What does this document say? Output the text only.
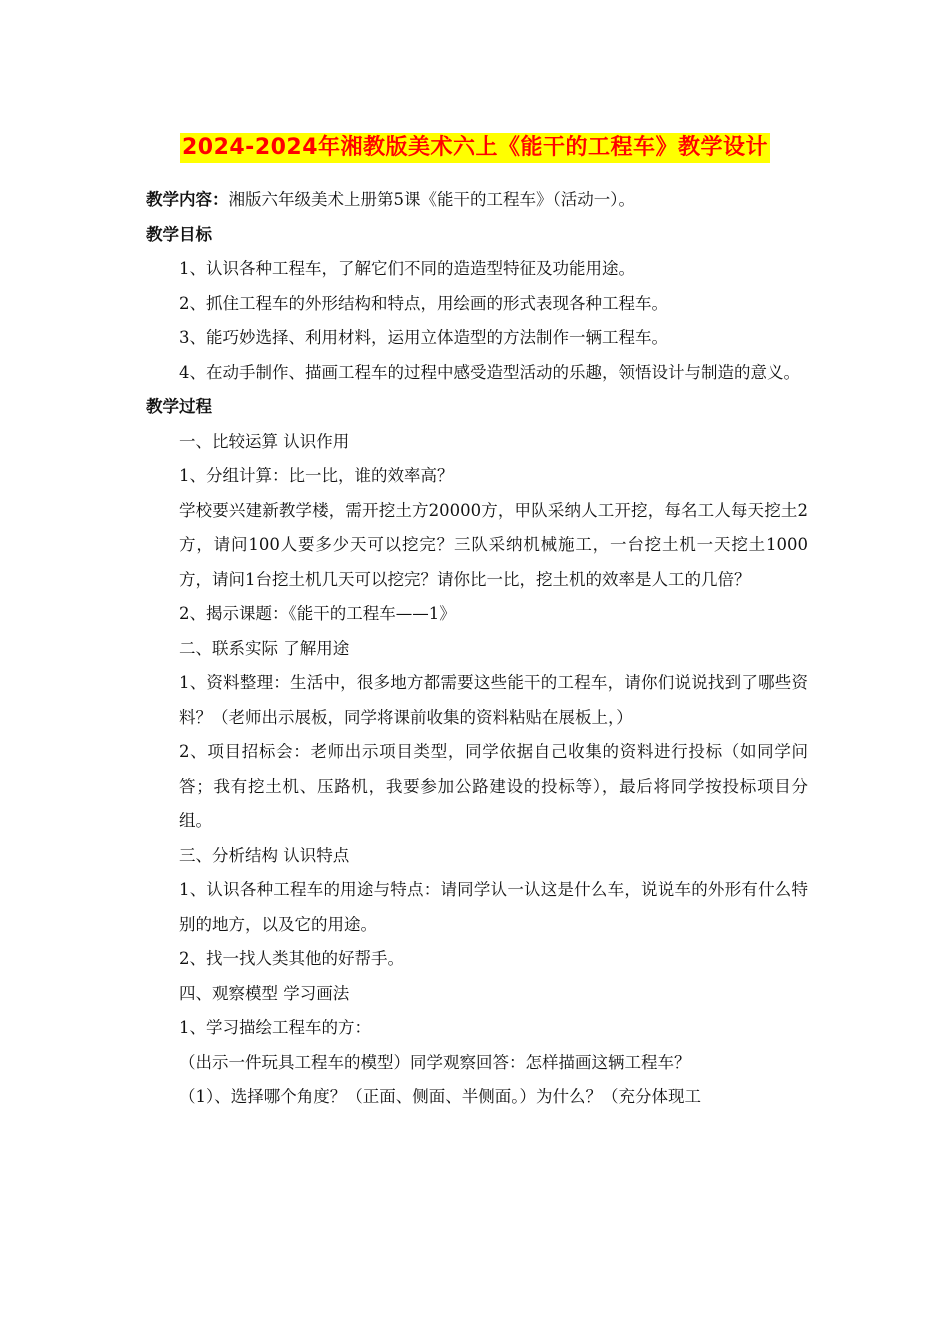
2024-2024年湘教版美术六上《能干的工程车》教学设计

教学内容：湘版六年级美术上册第5课《能干的工程车》（活动一）。

教学目标

1、认识各种工程车，了解它们不同的造造型特征及功能用途。

2、抓住工程车的外形结构和特点，用绘画的形式表现各种工程车。

3、能巧妙选择、利用材料，运用立体造型的方法制作一辆工程车。

4、在动手制作、描画工程车的过程中感受造型活动的乐趣，领悟设计与制造的意义。

教学过程

一、比较运算 认识作用

1、分组计算：比一比，谁的效率高？

学校要兴建新教学楼，需开挖土方20000方，甲队采纳人工开挖，每名工人每天挖土2方，请问100人要多少天可以挖完？三队采纳机械施工，一台挖土机一天挖土1000方，请问1台挖土机几天可以挖完？请你比一比，挖土机的效率是人工的几倍？

2、揭示课题：《能干的工程车——1》

二、联系实际 了解用途

1、资料整理：生活中，很多地方都需要这些能干的工程车，请你们说说找到了哪些资料？（老师出示展板，同学将课前收集的资料粘贴在展板上，）

2、项目招标会：老师出示项目类型，同学依据自己收集的资料进行投标（如同学问答；我有挖土机、压路机，我要参加公路建设的投标等），最后将同学按投标项目分组。

三、分析结构 认识特点

1、认识各种工程车的用途与特点：请同学认一认这是什么车，说说车的外形有什么特别的地方，以及它的用途。

2、找一找人类其他的好帮手。

四、观察模型 学习画法

1、学习描绘工程车的方：

（出示一件玩具工程车的模型）同学观察回答：怎样描画这辆工程车？

（1）、选择哪个角度？（正面、侧面、半侧面。）为什么？（充分体现工
